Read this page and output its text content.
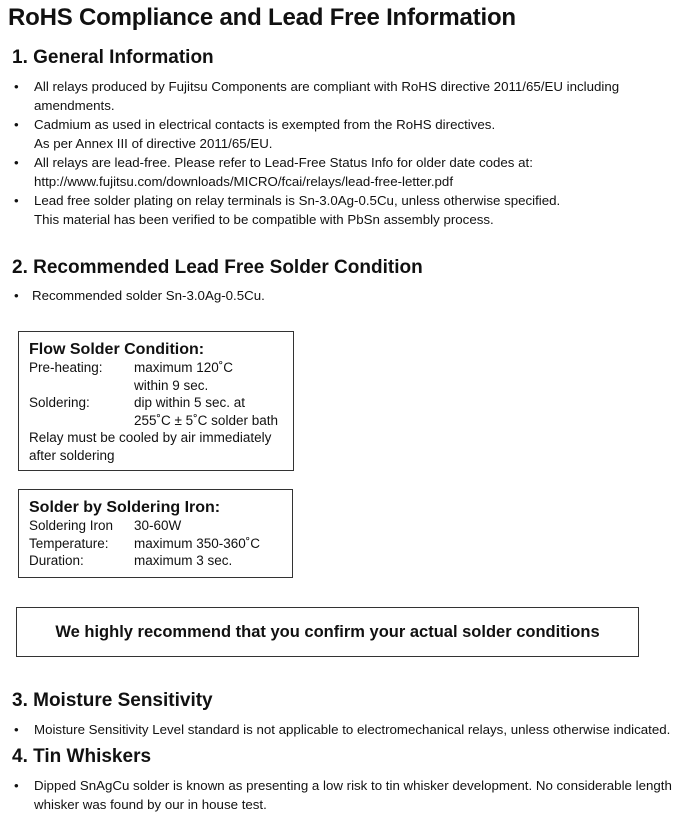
RoHS Compliance and Lead Free Information
1. General Information
• All relays produced by Fujitsu Components are compliant with RoHS directive 2011/65/EU including amendments.
• Cadmium as used in electrical contacts is exempted from the RoHS directives.
As per Annex III of directive 2011/65/EU.
• All relays are lead-free. Please refer to Lead-Free Status Info for older date codes at:
http://www.fujitsu.com/downloads/MICRO/fcai/relays/lead-free-letter.pdf
• Lead free solder plating on relay terminals is Sn-3.0Ag-0.5Cu, unless otherwise specified.
This material has been verified to be compatible with PbSn assembly process.
2. Recommended Lead Free Solder Condition
• Recommended solder Sn-3.0Ag-0.5Cu.
Flow Solder Condition:
Pre-heating:	maximum 120˚C
within 9 sec.
Soldering:	dip within 5 sec. at
255˚C ± 5˚C solder bath
Relay must be cooled by air immediately after soldering
Solder by Soldering Iron:
Soldering Iron	30-60W
Temperature:	maximum 350-360˚C
Duration:	maximum 3 sec.
We highly recommend that you confirm your actual solder conditions
3. Moisture Sensitivity
• Moisture Sensitivity Level standard is not applicable to electromechanical relays, unless otherwise indicated.
4. Tin Whiskers
• Dipped SnAgCu solder is known as presenting a low risk to tin whisker development. No considerable length whisker was found by our in house test.
